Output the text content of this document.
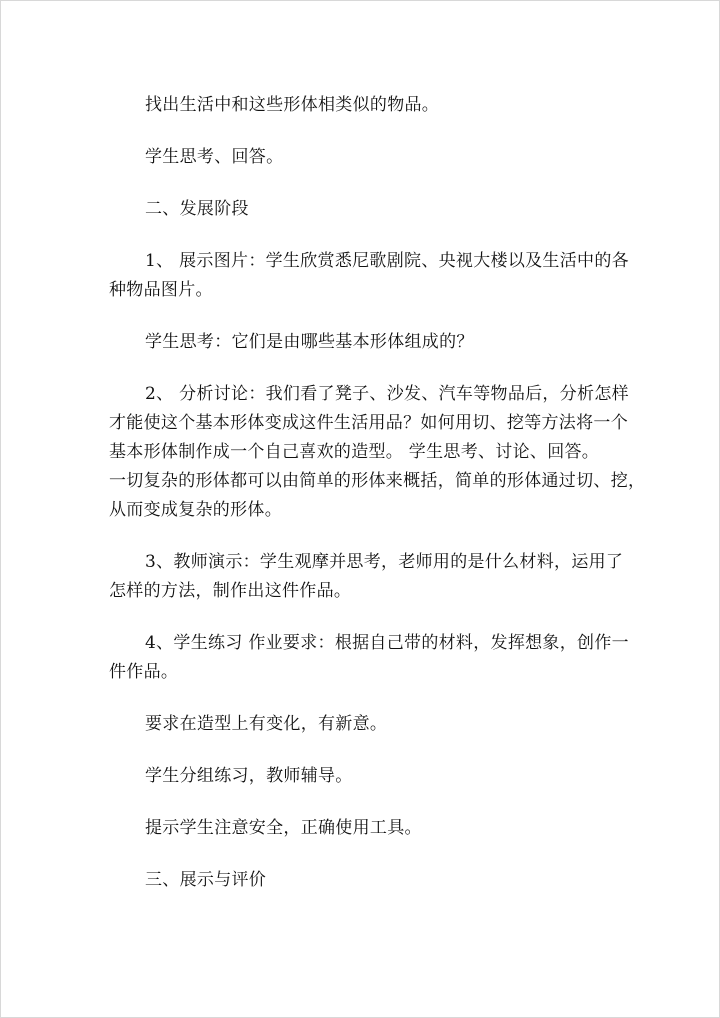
找出生活中和这些形体相类似的物品。

学生思考、回答。

二、发展阶段

1、 展示图片：学生欣赏悉尼歌剧院、央视大楼以及生活中的各
种物品图片。

学生思考：它们是由哪些基本形体组成的？

2、 分析讨论：我们看了凳子、沙发、汽车等物品后，分析怎样
才能使这个基本形体变成这件生活用品？如何用切、挖等方法将一个
基本形体制作成一个自己喜欢的造型。 学生思考、讨论、回答。
一切复杂的形体都可以由简单的形体来概括，简单的形体通过切、挖，
从而变成复杂的形体。

3、教师演示：学生观摩并思考，老师用的是什么材料，运用了
怎样的方法，制作出这件作品。

4、学生练习 作业要求：根据自己带的材料，发挥想象，创作一
件作品。

要求在造型上有变化，有新意。

学生分组练习，教师辅导。

提示学生注意安全，正确使用工具。

三、展示与评价
